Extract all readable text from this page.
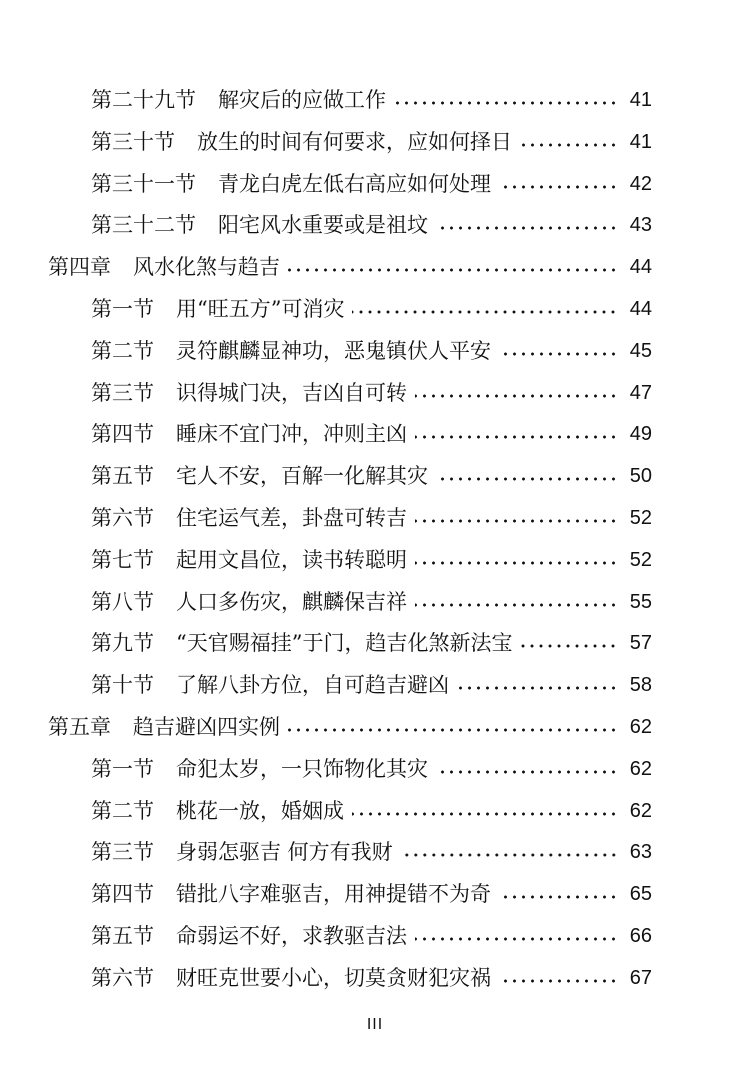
第二十九节 解灾后的应做工作	41
第三十节 放生的时间有何要求，应如何择日	41
第三十一节 青龙白虎左低右高应如何处理	42
第三十二节 阳宅风水重要或是祖坟	43
第四章 风水化煞与趋吉	44
第一节 用“旺五方”可消灾	44
第二节 灵符麒麟显神功，恶鬼镇伏人平安	45
第三节 识得城门决，吉凶自可转	47
第四节 睡床不宜门冲，冲则主凶	49
第五节 宅人不安，百解一化解其灾	50
第六节 住宅运气差，卦盘可转吉	52
第七节 起用文昌位，读书转聪明	52
第八节 人口多伤灾，麒麟保吉祥	55
第九节 “天官赐福挂”于门，趋吉化煞新法宝	57
第十节 了解八卦方位，自可趋吉避凶	58
第五章 趋吉避凶四实例	62
第一节 命犯太岁，一只饰物化其灾	62
第二节 桃花一放，婚姻成	62
第三节 身弱怎驱吉 何方有我财	63
第四节 错批八字难驱吉，用神提错不为奇	65
第五节 命弱运不好，求教驱吉法	66
第六节 财旺克世要小心，切莫贪财犯灾祸	67
III
